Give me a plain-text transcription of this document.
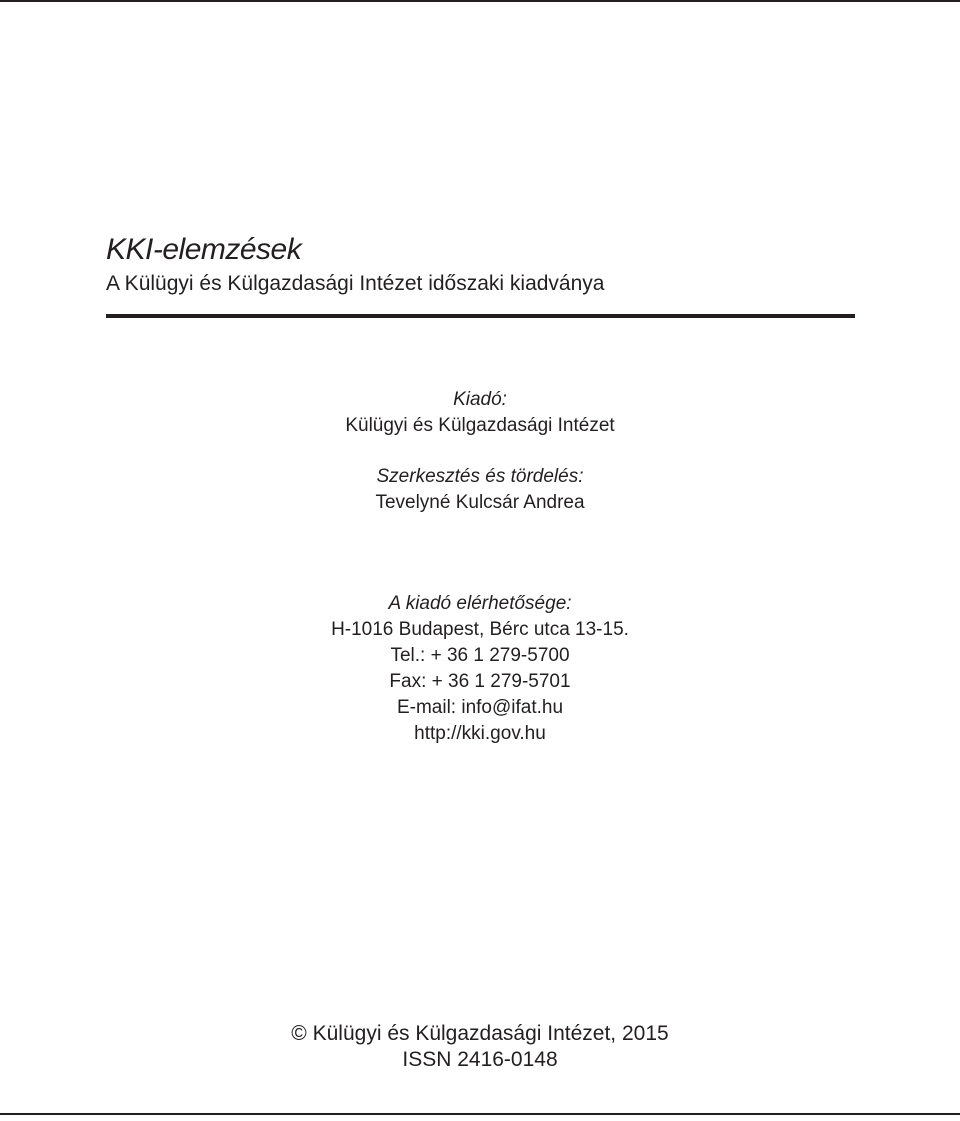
KKI-elemzések
A Külügyi és Külgazdasági Intézet időszaki kiadványa
Kiadó:
Külügyi és Külgazdasági Intézet
Szerkesztés és tördelés:
Tevelyné Kulcsár Andrea
A kiadó elérhetősége:
H-1016 Budapest, Bérc utca 13-15.
Tel.: + 36 1 279-5700
Fax: + 36 1 279-5701
E-mail: info@ifat.hu
http://kki.gov.hu
© Külügyi és Külgazdasági Intézet, 2015
ISSN 2416-0148
